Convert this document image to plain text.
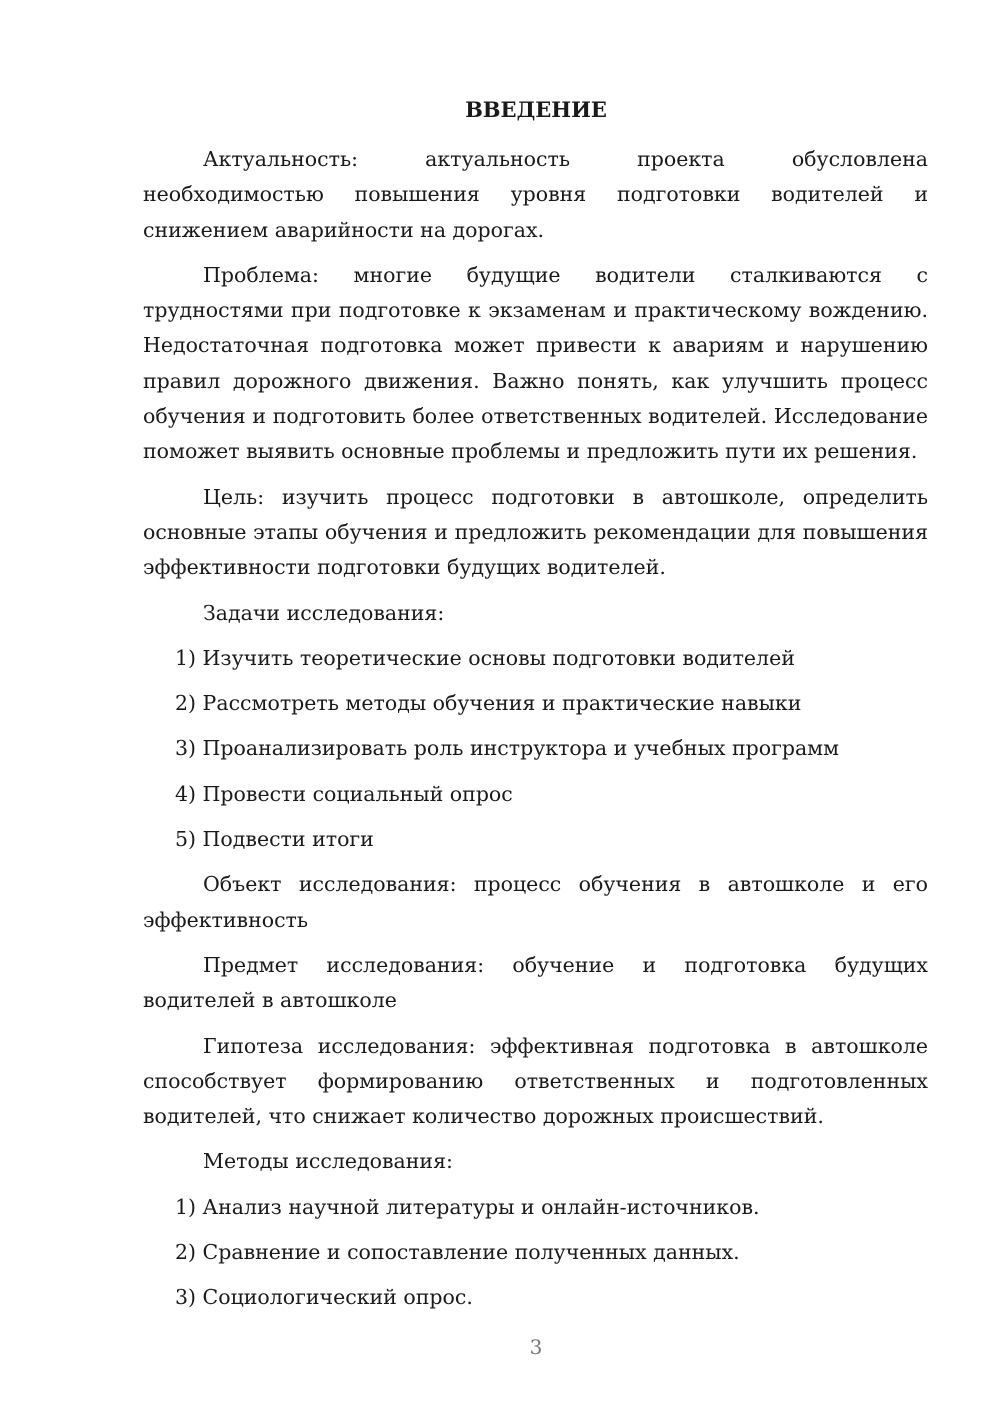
ВВЕДЕНИЕ

Актуальность: актуальность проекта обусловлена необходимостью повышения уровня подготовки водителей и снижением аварийности на дорогах.

Проблема: многие будущие водители сталкиваются с трудностями при подготовке к экзаменам и практическому вождению. Недостаточная подготовка может привести к авариям и нарушению правил дорожного движения. Важно понять, как улучшить процесс обучения и подготовить более ответственных водителей. Исследование поможет выявить основные проблемы и предложить пути их решения.

Цель: изучить процесс подготовки в автошколе, определить основные этапы обучения и предложить рекомендации для повышения эффективности подготовки будущих водителей.

Задачи исследования:

1) Изучить теоретические основы подготовки водителей

2) Рассмотреть методы обучения и практические навыки

3) Проанализировать роль инструктора и учебных программ

4) Провести социальный опрос

5) Подвести итоги

Объект исследования: процесс обучения в автошколе и его эффективность

Предмет исследования: обучение и подготовка будущих водителей в автошколе

Гипотеза исследования: эффективная подготовка в автошколе способствует формированию ответственных и подготовленных водителей, что снижает количество дорожных происшествий.

Методы исследования:

1) Анализ научной литературы и онлайн-источников.

2) Сравнение и сопоставление полученных данных.

3) Социологический опрос.

3
